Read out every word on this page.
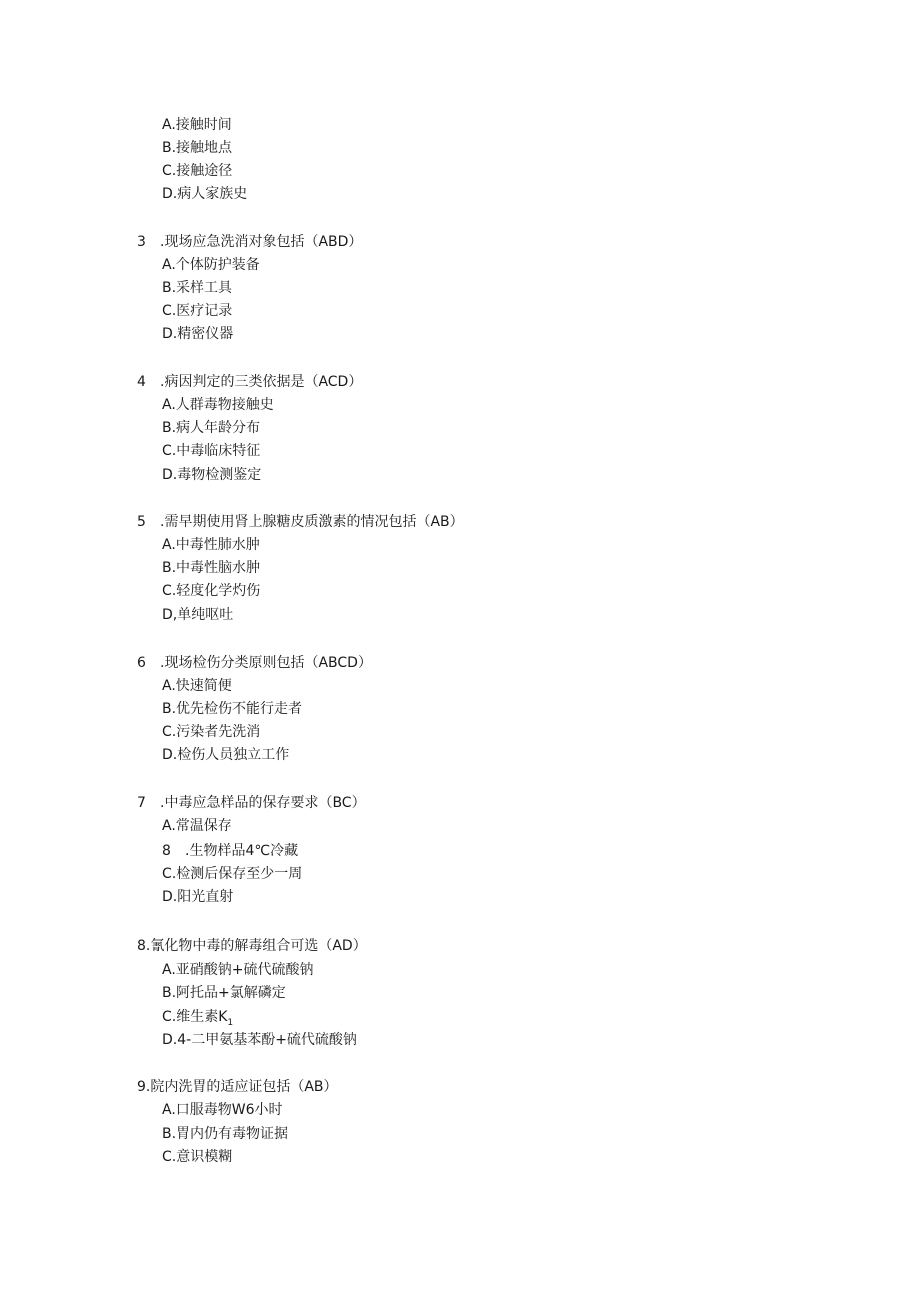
A.接触时间
B.接触地点
C.接触途径
D.病人家族史
3 .现场应急洗消对象包括（ABD）
A.个体防护装备
B.采样工具
C.医疗记录
D.精密仪器
4 .病因判定的三类依据是（ACD）
A.人群毒物接触史
B.病人年龄分布
C.中毒临床特征
D.毒物检测鉴定
5 .需早期使用肾上腺糖皮质激素的情况包括（AB）
A.中毒性肺水肿
B.中毒性脑水肿
C.轻度化学灼伤
D,单纯呕吐
6 .现场检伤分类原则包括（ABCD）
A.快速简便
B.优先检伤不能行走者
C.污染者先洗消
D.检伤人员独立工作
7 .中毒应急样品的保存要求（BC）
A.常温保存
8 .生物样品4℃冷藏
C.检测后保存至少一周
D.阳光直射
8.氰化物中毒的解毒组合可选（AD）
A.亚硝酸钠+硫代硫酸钠
B.阿托品+氯解磷定
C.维生素$K_1$
D.4-二甲氨基苯酚+硫代硫酸钠
9.院内洗胃的适应证包括（AB）
A.口服毒物W6小时
B.胃内仍有毒物证据
C.意识模糊
